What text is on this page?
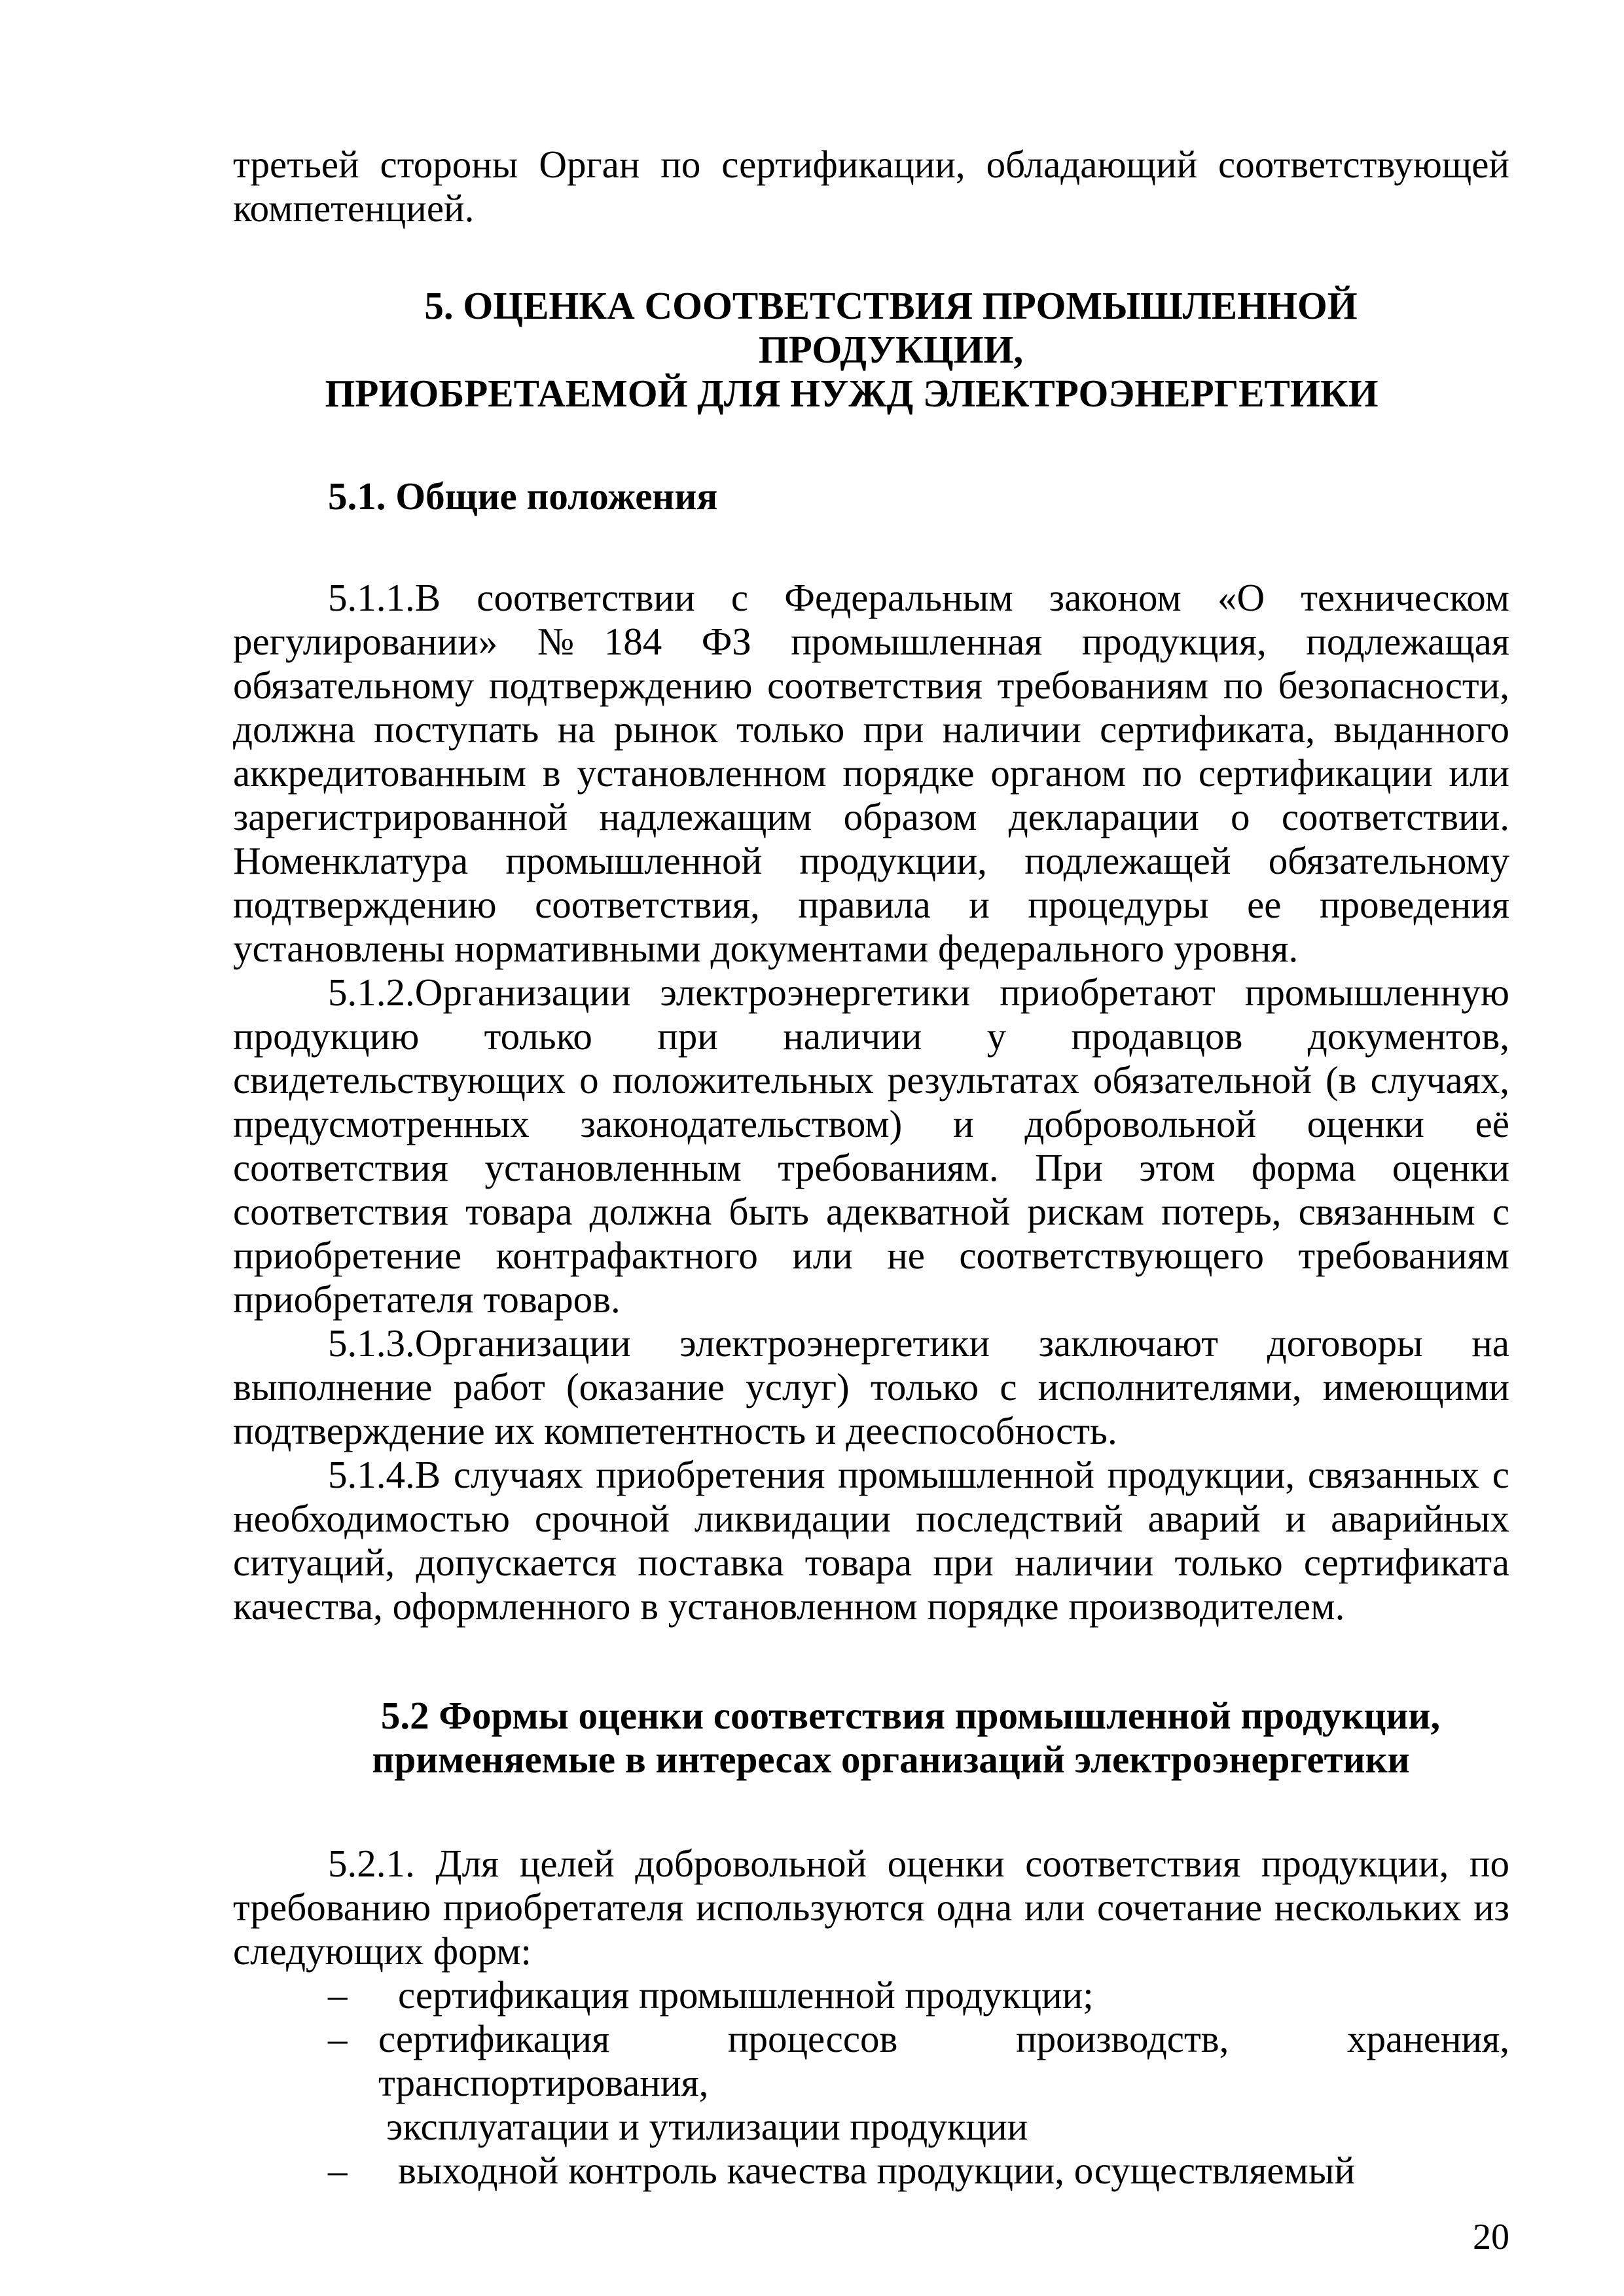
третьей стороны Орган по сертификации, обладающий соответствующей компетенцией.

5. ОЦЕНКА СООТВЕТСТВИЯ ПРОМЫШЛЕННОЙ
ПРОДУКЦИИ,
ПРИОБРЕТАЕМОЙ ДЛЯ НУЖД ЭЛЕКТРОЭНЕРГЕТИКИ

5.1. Общие положения

5.1.1.В соответствии с Федеральным законом «О техническом регулировании» №184 ФЗ промышленная продукция, подлежащая обязательному подтверждению соответствия требованиям по безопасности, должна поступать на рынок только при наличии сертификата, выданного аккредитованным в установленном порядке органом по сертификации или зарегистрированной надлежащим образом декларации о соответствии. Номенклатура промышленной продукции, подлежащей обязательному подтверждению соответствия, правила и процедуры ее проведения установлены нормативными документами федерального уровня.

5.1.2.Организации электроэнергетики приобретают промышленную продукцию только при наличии у продавцов документов, свидетельствующих о положительных результатах обязательной (в случаях, предусмотренных законодательством) и добровольной оценки её соответствия установленным требованиям. При этом форма оценки соответствия товара должна быть адекватной рискам потерь, связанным с приобретение контрафактного или не соответствующего требованиям приобретателя товаров.

5.1.3.Организации электроэнергетики заключают договоры на выполнение работ (оказание услуг) только с исполнителями, имеющими подтверждение их компетентность и дееспособность.

5.1.4.В случаях приобретения промышленной продукции, связанных с необходимостью срочной ликвидации последствий аварий и аварийных ситуаций, допускается поставка товара при наличии только сертификата качества, оформленного в установленном порядке производителем.

5.2 Формы оценки соответствия промышленной продукции,
применяемые в интересах организаций электроэнергетики

5.2.1. Для целей добровольной оценки соответствия продукции, по требованию приобретателя используются одна или сочетание нескольких из следующих форм:

– сертификация промышленной продукции;
– сертификация	процессов	производств,	хранения,
транспортирования,
эксплуатации и утилизации продукции
– выходной контроль качества продукции, осуществляемый
20
